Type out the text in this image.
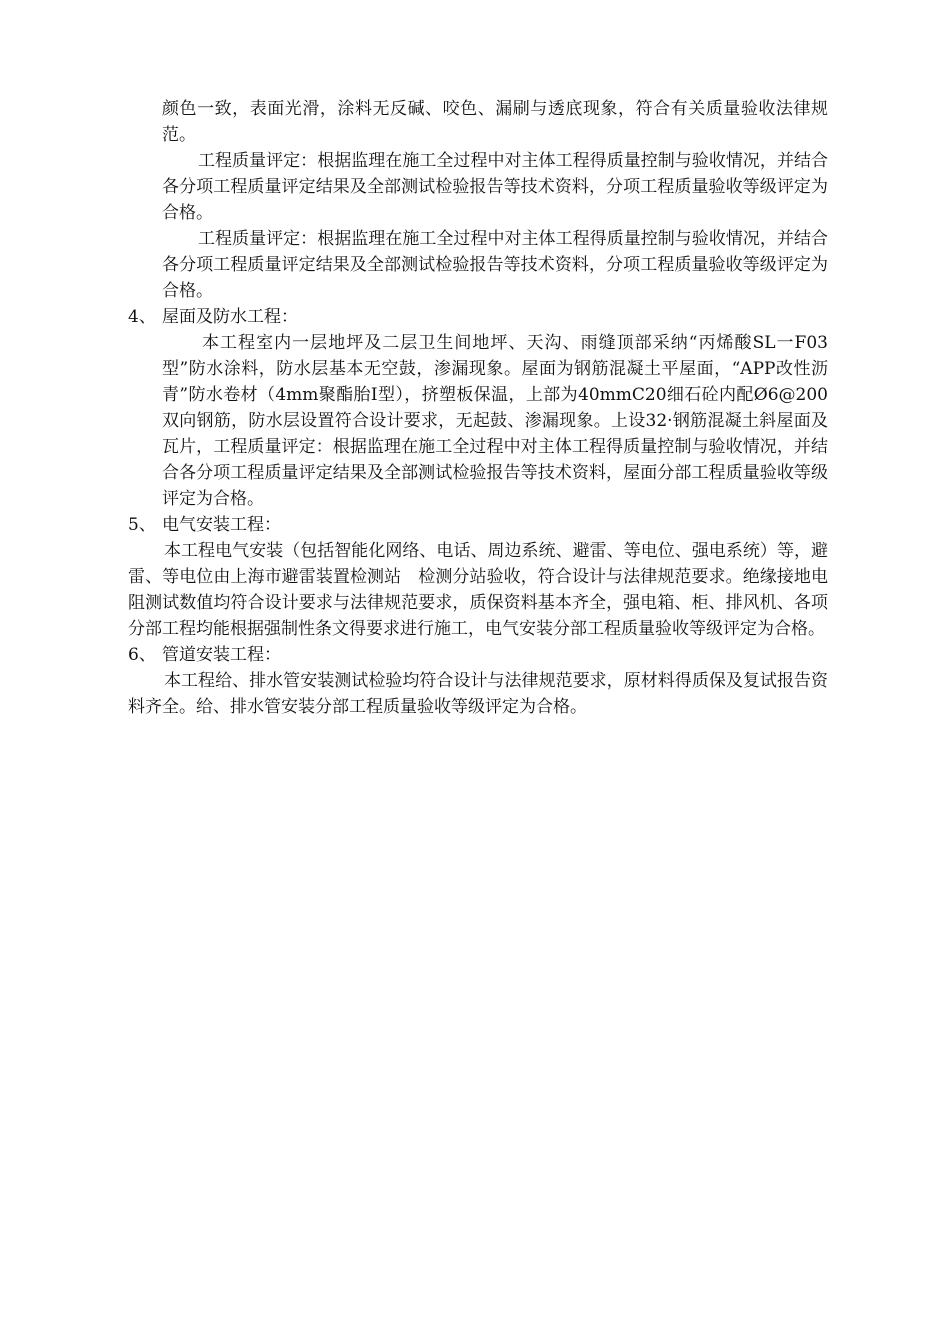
颜色一致，表面光滑，涂料无反碱、咬色、漏刷与透底现象，符合有关质量验收法律规范。

工程质量评定：根据监理在施工全过程中对主体工程得质量控制与验收情况，并结合各分项工程质量评定结果及全部测试检验报告等技术资料，分项工程质量验收等级评定为合格。

工程质量评定：根据监理在施工全过程中对主体工程得质量控制与验收情况，并结合各分项工程质量评定结果及全部测试检验报告等技术资料，分项工程质量验收等级评定为合格。

4、 屋面及防水工程：

本工程室内一层地坪及二层卫生间地坪、天沟、雨缝顶部采纳“丙烯酸SL一F03型”防水涂料，防水层基本无空鼓，渗漏现象。屋面为钢筋混凝土平屋面，“APP改性沥青”防水卷材（4mm聚酯胎I型），挤塑板保温，上部为40mmC20细石砼内配Ø6@200双向钢筋，防水层设置符合设计要求，无起鼓、渗漏现象。上设32·钢筋混凝土斜屋面及瓦片，工程质量评定：根据监理在施工全过程中对主体工程得质量控制与验收情况，并结合各分项工程质量评定结果及全部测试检验报告等技术资料，屋面分部工程质量验收等级评定为合格。

5、 电气安装工程：

本工程电气安装（包括智能化网络、电话、周边系统、避雷、等电位、强电系统）等，避雷、等电位由上海市避雷装置检测站　检测分站验收，符合设计与法律规范要求。绝缘接地电阻测试数值均符合设计要求与法律规范要求，质保资料基本齐全，强电箱、柜、排风机、各项分部工程均能根据强制性条文得要求进行施工，电气安装分部工程质量验收等级评定为合格。

6、 管道安装工程：

本工程给、排水管安装测试检验均符合设计与法律规范要求，原材料得质保及复试报告资料齐全。给、排水管安装分部工程质量验收等级评定为合格。
